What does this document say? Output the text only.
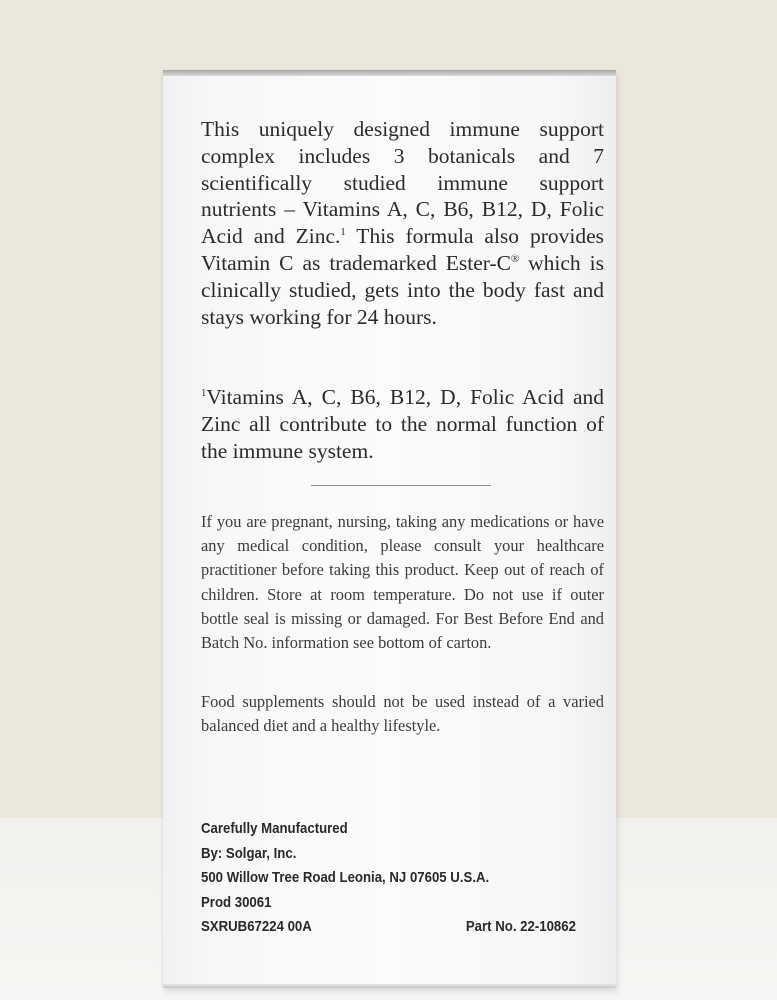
This uniquely designed immune support complex includes 3 botanicals and 7 scientifically studied immune support nutrients – Vitamins A, C, B6, B12, D, Folic Acid and Zinc.$^1$ This formula also provides Vitamin C as trademarked Ester-C® which is clinically studied, gets into the body fast and stays working for 24 hours.

$^1$Vitamins A, C, B6, B12, D, Folic Acid and Zinc all contribute to the normal function of the immune system.

If you are pregnant, nursing, taking any medications or have any medical condition, please consult your healthcare practitioner before taking this product. Keep out of reach of children. Store at room temperature. Do not use if outer bottle seal is missing or damaged. For Best Before End and Batch No. information see bottom of carton.

Food supplements should not be used instead of a varied balanced diet and a healthy lifestyle.

Carefully Manufactured
By: Solgar, Inc.
500 Willow Tree Road Leonia, NJ 07605 U.S.A.
Prod 30061
SXRUB67224 00A	Part No. 22-10862
